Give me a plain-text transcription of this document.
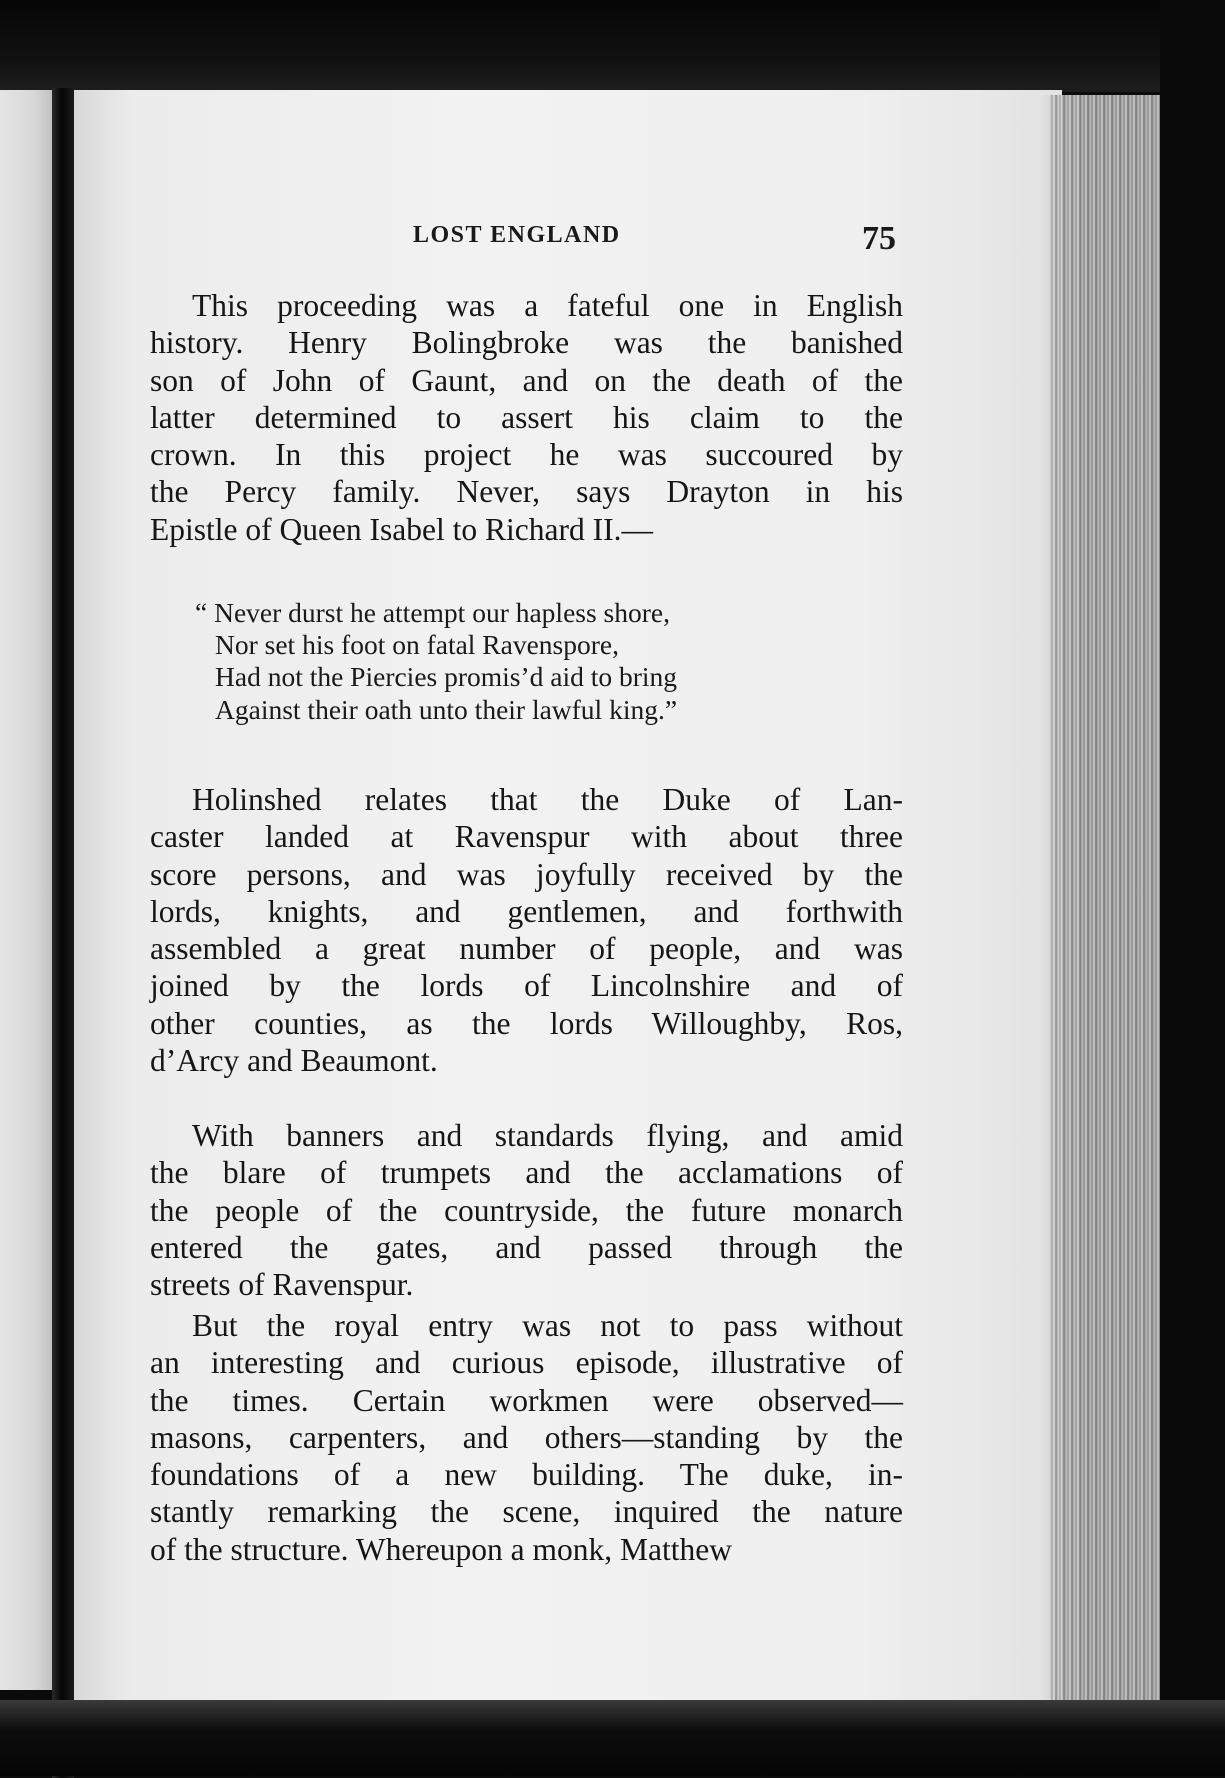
LOST ENGLAND	75
This proceeding was a fateful one in English
history. Henry Bolingbroke was the banished
son of John of Gaunt, and on the death of the
latter determined to assert his claim to the
crown. In this project he was succoured by
the Percy family. Never, says Drayton in his
Epistle of Queen Isabel to Richard II.—
“ Never durst he attempt our hapless shore,
Nor set his foot on fatal Ravenspore,
Had not the Piercies promis’d aid to bring
Against their oath unto their lawful king.”
Holinshed relates that the Duke of Lan-
caster landed at Ravenspur with about three
score persons, and was joyfully received by the
lords, knights, and gentlemen, and forthwith
assembled a great number of people, and was
joined by the lords of Lincolnshire and of
other counties, as the lords Willoughby, Ros,
d’Arcy and Beaumont.
With banners and standards flying, and amid
the blare of trumpets and the acclamations of
the people of the countryside, the future monarch
entered the gates, and passed through the
streets of Ravenspur.
But the royal entry was not to pass without
an interesting and curious episode, illustrative of
the times. Certain workmen were observed—
masons, carpenters, and others—standing by the
foundations of a new building. The duke, in-
stantly remarking the scene, inquired the nature
of the structure. Whereupon a monk, Matthew
